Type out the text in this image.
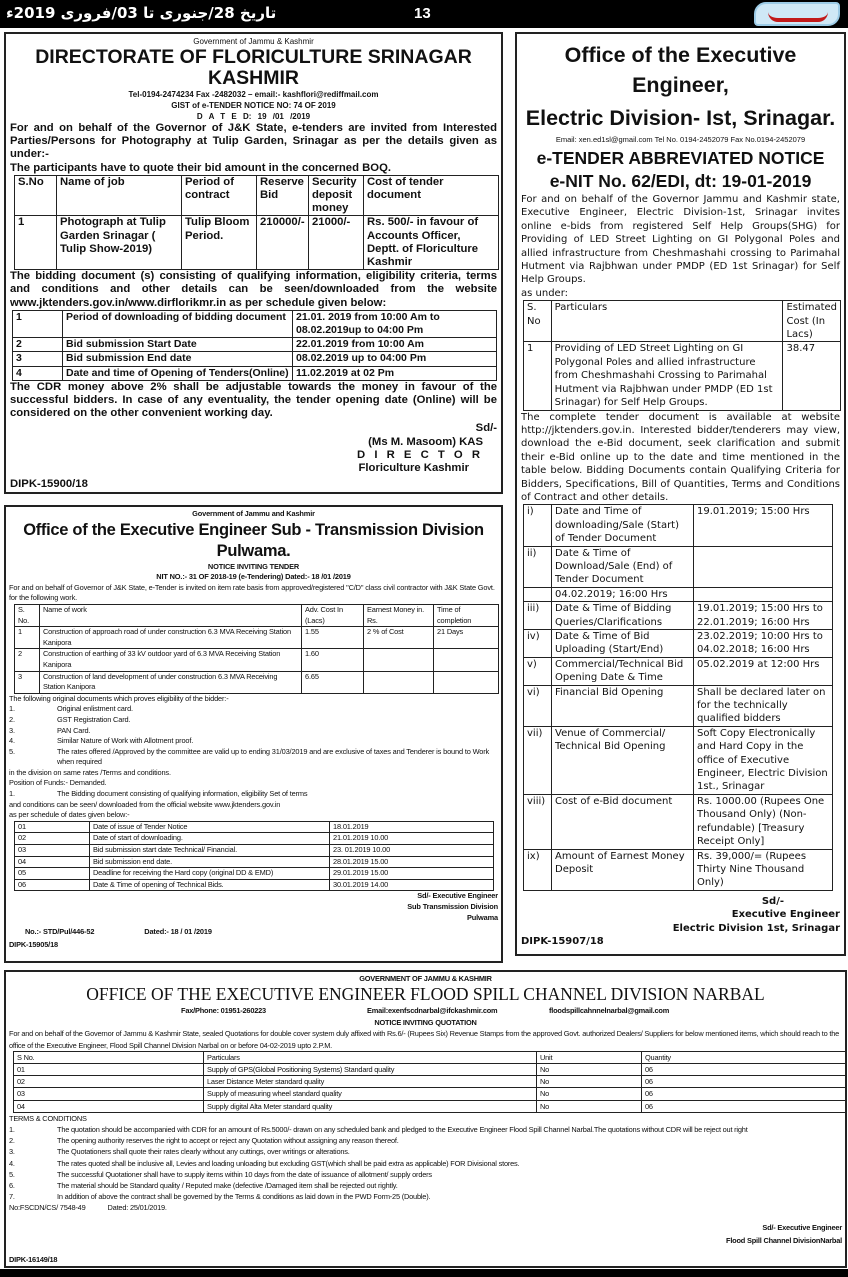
تاریخ 28/جنوری تا 03/فروری 2019ء	13
Government of Jammu & Kashmir
DIRECTORATE OF FLORICULTURE SRINAGAR KASHMIR
Tel-0194-2474234 Fax -2482032 – email:- kashflori@rediffmail.com
GIST of e-TENDER NOTICE NO: 74 OF 2019
D A T E D: 19 /01 /2019
For and on behalf of the Governor of J&K State, e-tenders are invited from Interested Parties/Persons for Photography at Tulip Garden, Srinagar as per the details given as under:-
The participants have to quote their bid amount in the concerned BOQ.
S.No	Name of job	Period of contract	Reserve Bid	Security deposit money	Cost of tender document
1	Photograph at Tulip Garden Srinagar ( Tulip Show-2019)	Tulip Bloom Period.	210000/-	21000/-	Rs. 500/- in favour of Accounts Officer, Deptt. of Floriculture Kashmir
The bidding document (s) consisting of qualifying information, eligibility criteria, terms and conditions and other details can be seen/downloaded from the website www.jktenders.gov.in/www.dirflorikmr.in as per schedule given below:
1	Period of downloading of bidding document	21.01. 2019 from 10:00 Am to 08.02.2019up to 04:00 Pm
2	Bid submission Start Date	22.01.2019 from 10:00 Am
3	Bid submission End date	08.02.2019 up to 04:00 Pm
4	Date and time of Opening of Tenders(Online)	11.02.2019 at 02 Pm
The CDR money above 2% shall be adjustable towards the money in favour of the successful bidders. In case of any eventuality, the tender opening date (Online) will be considered on the other convenient working day.
Sd/-
(Ms M. Masoom) KAS
D I R E C T O R
Floriculture Kashmir
DIPK-15900/18
Government of Jammu and Kashmir
Office of the Executive Engineer Sub - Transmission Division Pulwama.
NOTICE INVITING TENDER
NIT NO.:- 31 OF 2018-19 (e-Tendering) Dated:- 18 /01 /2019
For and on behalf of Governor of J&K State, e-Tender is invited on item rate basis from approved/registered "C/D" class civil contractor with J&K State Govt. for the following work.
S. No.	Name of work	Adv. Cost In (Lacs)	Earnest Money in. Rs.	Time of completion
1	Construction of approach road of under construction 6.3 MVA Receiving Station Kanipora	1.55	2 % of Cost	21 Days
2	Construction of earthing of 33 kV outdoor yard of 6.3 MVA Receiving Station Kanipora	1.60		
3	Construction of land development of under construction 6.3 MVA Receiving Station Kanipora	6.65		
The following original documents which proves eligibility of the bidder:-
1.	Original enlistment card.
2.	GST Registration Card.
3.	PAN Card.
4.	Similar Nature of Work with Allotment proof.
5.	The rates offered /Approved by the committee are valid up to ending 31/03/2019 and are exclusive of taxes and Tenderer is bound to Work when required
in the division on same rates /Terms and conditions.
Position of Funds:- Demanded.
1.	The Bidding document consisting of qualifying information, eligibility Set of terms
and conditions can be seen/ downloaded from the official website www.jktenders.gov.in
as per schedule of dates given below:-
01	Date of issue of Tender Notice	18.01.2019
02	Date of start of downloading.	21.01.2019 10.00
03	Bid submission start date Technical/ Financial.	23. 01.2019 10.00
04	Bid submission end date.	28.01.2019 15.00
05	Deadline for receiving the Hard copy (original DD & EMD)	29.01.2019 15.00
06	Date & Time of opening of Technical Bids.	30.01.2019 14.00
Sd/- Executive Engineer
Sub Transmission Division
Pulwama
No.:- STD/Pul/446-52	Dated:- 18 / 01 /2019
DIPK-15905/18
Office of the Executive Engineer,
Electric Division- Ist, Srinagar.
Email: xen.ed1sl@gmail.com Tel No. 0194-2452079 Fax No.0194-2452079
e-TENDER ABBREVIATED NOTICE
e-NIT No. 62/EDI, dt: 19-01-2019
For and on behalf of the Governor Jammu and Kashmir state, Executive Engineer, Electric Division-1st, Srinagar invites online e-bids from registered Self Help Groups(SHG) for Providing of LED Street Lighting on GI Polygonal Poles and allied infrastructure from Cheshmashahi crossing to Parimahal Hutment via Rajbhwan under PMDP (ED 1st Srinagar) for Self Help Groups.
as under:
S. No	Particulars	Estimated Cost (In Lacs)
1	Providing of LED Street Lighting on GI Polygonal Poles and allied infrastructure from Cheshmashahi Crossing to Parimahal Hutment via Rajbhwan under PMDP (ED 1st Srinagar) for Self Help Groups.	38.47
The complete tender document is available at website http://jktenders.gov.in. Interested bidder/tenderers may view, download the e-Bid document, seek clarification and submit their e-Bid online up to the date and time mentioned in the table below. Bidding Documents contain Qualifying Criteria for Bidders, Specifications, Bill of Quantities, Terms and Conditions of Contract and other details.
i)	Date and Time of downloading/Sale (Start) of Tender Document	19.01.2019; 15:00 Hrs
ii)	Date & Time of Download/Sale (End) of Tender Document	
	04.02.2019; 16:00 Hrs	
iii)	Date & Time of Bidding Queries/Clarifications	19.01.2019; 15:00 Hrs to 22.01.2019; 16:00 Hrs
iv)	Date & Time of Bid Uploading (Start/End)	23.02.2019; 10:00 Hrs to 04.02.2018; 16:00 Hrs
v)	Commercial/Technical Bid Opening Date & Time	05.02.2019 at 12:00 Hrs
vi)	Financial Bid Opening	Shall be declared later on for the technically qualified bidders
vii)	Venue of Commercial/ Technical Bid Opening	Soft Copy Electronically and Hard Copy in the office of Executive Engineer, Electric Division 1st., Srinagar
viii)	Cost of e-Bid document	Rs. 1000.00 (Rupees One Thousand Only) (Non-refundable) [Treasury Receipt Only]
ix)	Amount of Earnest Money Deposit	Rs. 39,000/= (Rupees Thirty Nine Thousand Only)
Sd/-
Executive Engineer
Electric Division 1st, Srinagar
DIPK-15907/18
GOVERNMENT OF JAMMU & KASHMIR
OFFICE OF THE EXECUTIVE ENGINEER FLOOD SPILL CHANNEL DIVISION NARBAL
Fax/Phone: 01951-260223	Email:exenfscdnarbal@ifckashmir.com	floodspillcahnnelnarbal@gmail.com
NOTICE INVITING QUOTATION
For and on behalf of the Governor of Jammu & Kashmir State, sealed Quotations for double cover system duly affixed with Rs.6/- (Rupees Six) Revenue Stamps from the approved Govt. authorized Dealers/ Suppliers for below mentioned items, which should reach to the office of the Executive Engineer, Flood Spill Channel Division Narbal on or before 04-02-2019 upto 2.P.M.
S No.	Particulars	Unit	Quantity
01	Supply of GPS(Global Positioning Systems) Standard quality	No	06
02	Laser Distance Meter standard quality	No	06
03	Supply of measuring wheel standard quality	No	06
04	Supply digital Alta Meter standard quality	No	06
TERMS & CONDITIONS
1.	The quotation should be accompanied with CDR for an amount of Rs.5000/- drawn on any scheduled bank and pledged to the Executive Engineer Flood Spill Channel Narbal.The quotations without CDR will be reject out right
2.	The opening authority reserves the right to accept or reject any Quotation without assigning any reason thereof.
3.	The Quotationers shall quote their rates clearly without any cuttings, over writings or alterations.
4.	The rates quoted shall be inclusive all, Levies and loading unloading but excluding GST(which shall be paid extra as applicable) FOR Divisional stores.
5.	The successful Quotationer shall have to supply items within 10 days from the date of issuance of allotment/ supply orders
6.	The material should be Standard quality / Reputed make (defective /Damaged item shall be rejected out rightly.
7.	In addition of above the contract shall be governed by the Terms & conditions as laid down in the PWD Form-25 (Double).
No:FSCDN/CS/ 7548-49	Dated: 25/01/2019.
Sd/- Executive Engineer
Flood Spill Channel DivisionNarbal
DIPK-16149/18
